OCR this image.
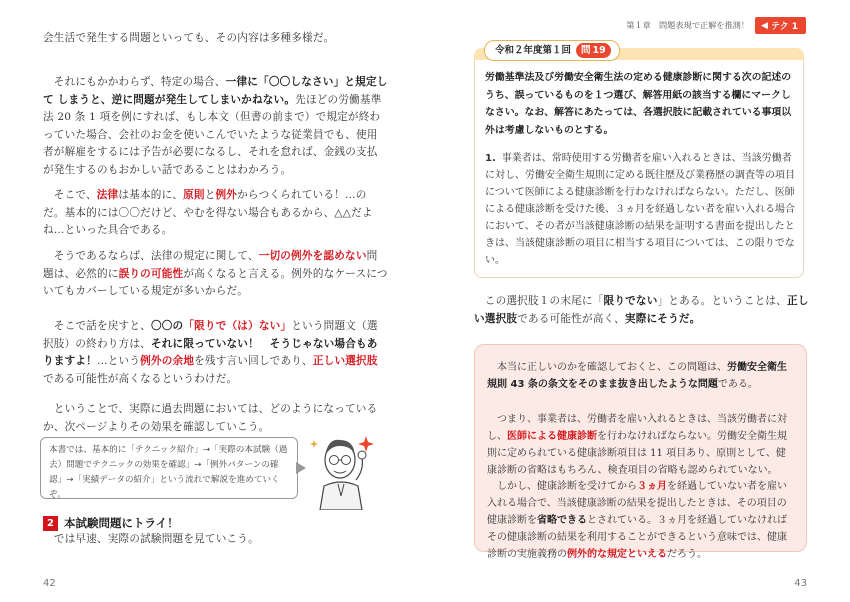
会生活で発生する問題といっても、その内容は多種多様だ。

　それにもかかわらず、特定の場合、一律に「〇〇しなさい」と規定して しまうと、逆に問題が発生してしまいかねない。先ほどの労働基準法 20 条 1 項を例にすれば、もし本文（但書の前まで）で規定が終わっていた場合、会社のお金を使いこんでいたような従業員でも、使用者が解雇をするには予告が必要になるし、それを怠れば、金銭の支払が発生するのもおかしい話であることはわかろう。

　そこで、法律は基本的に、原則と例外からつくられている！…のだ。基本的には〇〇だけど、やむを得ない場合もあるから、△△だよね…といった具合である。

　そうであるならば、法律の規定に関して、一切の例外を認めない問題は、必然的に誤りの可能性が高くなると言える。例外的なケースについてもカバーしている規定が多いからだ。

　そこで話を戻すと、〇〇の「限りで（は）ない」という問題文（選択肢）の終わり方は、それに限っていない！　そうじゃない場合もありますよ！…という例外の余地を残す言い回しであり、正しい選択肢である可能性が高くなるというわけだ。

　ということで、実際に過去問題においては、どのようになっているか、次ページよりその効果を確認していこう。

本書では、基本的に「テクニック紹介」→「実際の本試験（過去）問題でテクニックの効果を確認」→「例外パターンの確認」→「実績データの紹介」という流れで解説を進めていくぞ。
2 本試験問題にトライ！

　では早速、実際の試験問題を見ていこう。

42
第１章　問題表現で正解を推測！ ◀ テク 1
令和２年度第１回 問 19
労働基準法及び労働安全衛生法の定める健康診断に関する次の記述のうち、誤っているものを１つ選び、解答用紙の該当する欄にマークしなさい。なお、解答にあたっては、各選択肢に記載されている事項以外は考慮しないものとする。
1. 事業者は、常時使用する労働者を雇い入れるときは、当該労働者に対し、労働安全衛生規則に定める既往歴及び業務歴の調査等の項目について医師による健康診断を行わなければならない。ただし、医師による健康診断を受けた後、３ヵ月を経過しない者を雇い入れる場合において、その者が当該健康診断の結果を証明する書面を提出したときは、当該健康診断の項目に相当する項目については、この限りでない。

　この選択肢１の末尾に「限りでない」とある。ということは、正しい選択肢である可能性が高く、実際にそうだ。

　本当に正しいのかを確認しておくと、この問題は、労働安全衛生規則 43 条の条文をそのまま抜き出したような問題である。

　つまり、事業者は、労働者を雇い入れるときは、当該労働者に対し、医師による健康診断を行わなければならない。労働安全衛生規則に定められている健康診断項目は 11 項目あり、原則として、健康診断の省略はもちろん、検査項目の省略も認められていない。

　しかし、健康診断を受けてから３ヵ月を経過していない者を雇い入れる場合で、当該健康診断の結果を提出したときは、その項目の健康診断を省略できるとされている。３ヵ月を経過していなければその健康診断の結果を利用することができるという意味では、健康診断の実施義務の例外的な規定といえるだろう。

43
